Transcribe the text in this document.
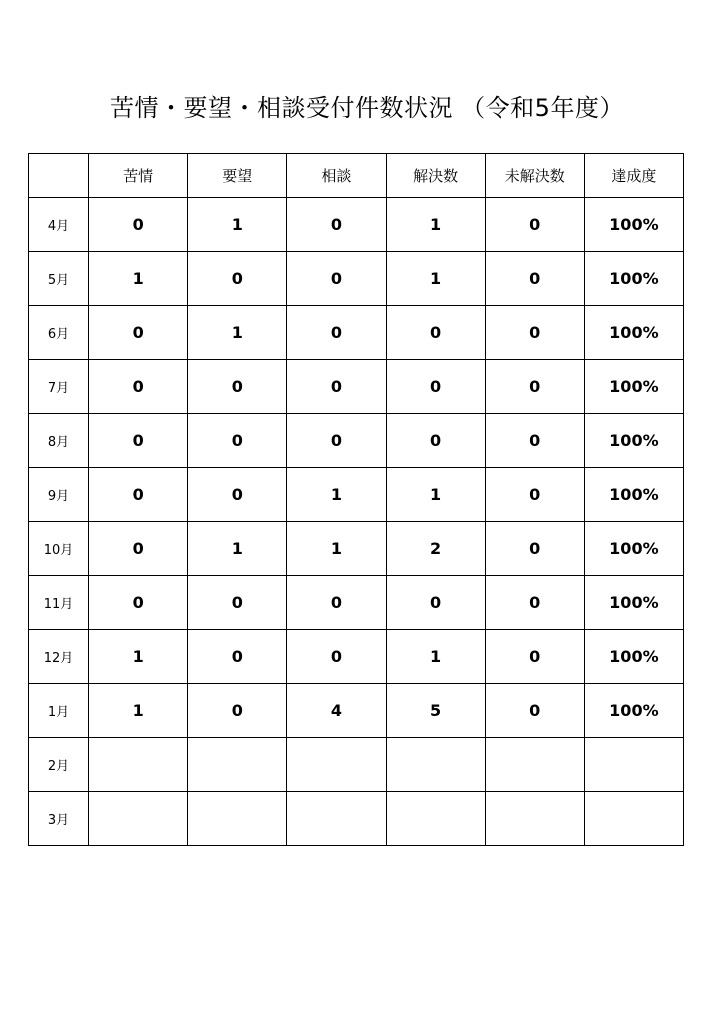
苦情・要望・相談受付件数状況 （令和5年度）
	苦情	要望	相談	解決数	未解決数	達成度
4月	0	1	0	1	0	100%
5月	1	0	0	1	0	100%
6月	0	1	0	0	0	100%
7月	0	0	0	0	0	100%
8月	0	0	0	0	0	100%
9月	0	0	1	1	0	100%
10月	0	1	1	2	0	100%
11月	0	0	0	0	0	100%
12月	1	0	0	1	0	100%
1月	1	0	4	5	0	100%
2月						
3月						
